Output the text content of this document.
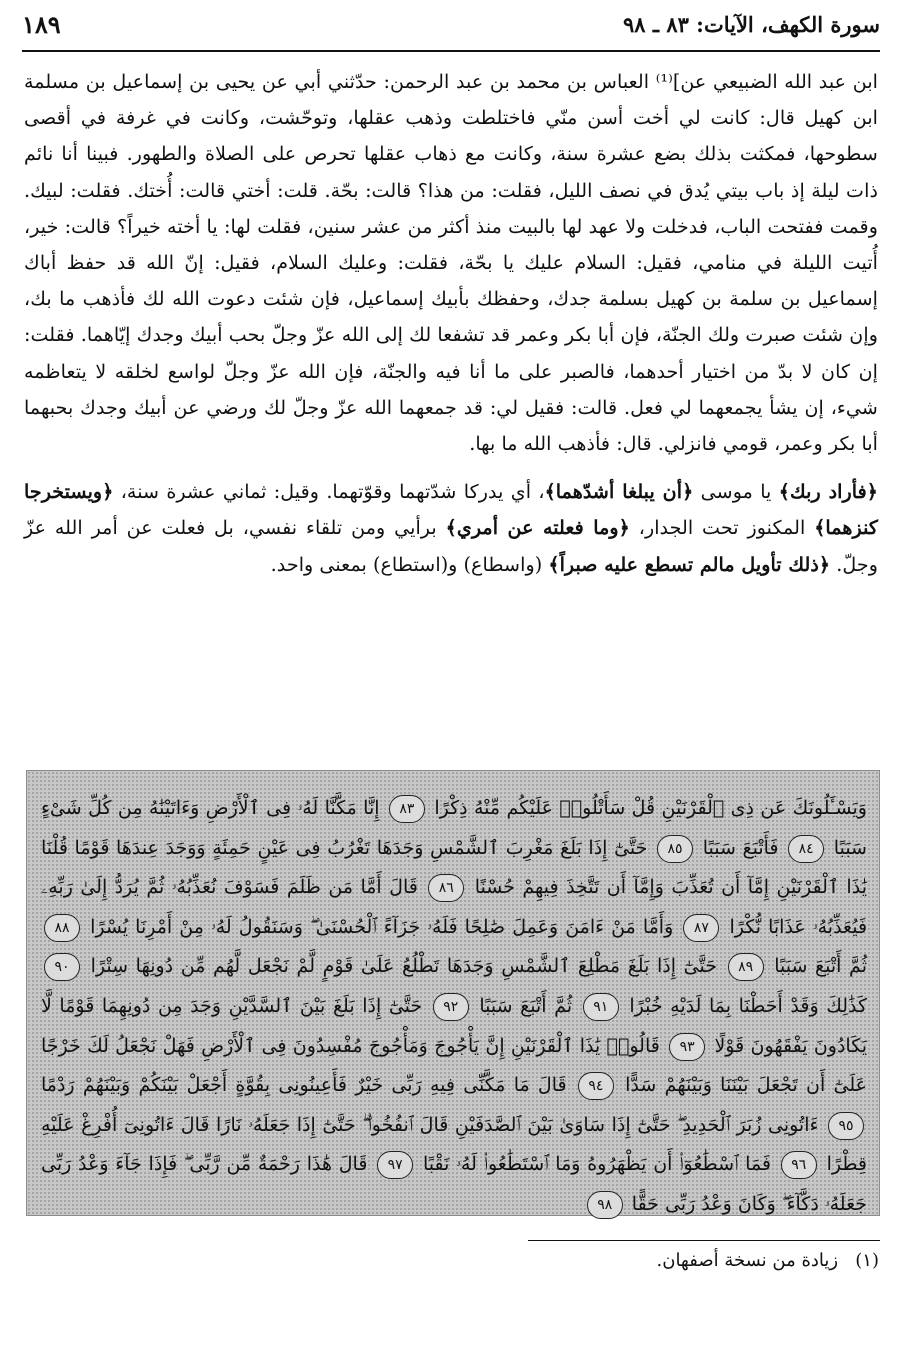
سورة الكهف، الآيات: ٨٣ ـ ٩٨
١٨٩

ابن عبد الله الضبيعي عن]⁽¹⁾ العباس بن محمد بن عبد الرحمن: حدّثني أبي عن يحيى بن إسماعيل بن مسلمة ابن كهيل قال: كانت لي أخت أسن منّي فاختلطت وذهب عقلها، وتوحّشت، وكانت في غرفة في أقصى سطوحها، فمكثت بذلك بضع عشرة سنة، وكانت مع ذهاب عقلها تحرص على الصلاة والطهور. فبينا أنا نائم ذات ليلة إذ باب بيتي يُدق في نصف الليل، فقلت: من هذا؟ قالت: بحّة. قلت: أختي قالت: أُختك. فقلت: لبيك. وقمت ففتحت الباب، فدخلت ولا عهد لها بالبيت منذ أكثر من عشر سنين، فقلت لها: يا أخته خيراً؟ قالت: خير، أُتيت الليلة في منامي، فقيل: السلام عليك يا بحّة، فقلت: وعليك السلام، فقيل: إنّ الله قد حفظ أباك إسماعيل بن سلمة بن كهيل بسلمة جدك، وحفظك بأبيك إسماعيل، فإن شئت دعوت الله لك فأذهب ما بك، وإن شئت صبرت ولك الجنّة، فإن أبا بكر وعمر قد تشفعا لك إلى الله عزّ وجلّ بحب أبيك وجدك إيّاهما. فقلت: إن كان لا بدّ من اختيار أحدهما، فالصبر على ما أنا فيه والجنّة، فإن الله عزّ وجلّ لواسع لخلقه لا يتعاظمه شيء، إن يشأ يجمعهما لي فعل. قالت: فقيل لي: قد جمعهما الله عزّ وجلّ لك ورضي عن أبيك وجدك بحبهما أبا بكر وعمر، قومي فانزلي. قال: فأذهب الله ما بها.

﴿فأراد ربك﴾ يا موسى ﴿أن يبلغا أشدّهما﴾، أي يدركا شدّتهما وقوّتهما. وقيل: ثماني عشرة سنة، ﴿ويستخرجا كنزهما﴾ المكنوز تحت الجدار، ﴿وما فعلته عن أمري﴾ برأيي ومن تلقاء نفسي، بل فعلت عن أمر الله عزّ وجلّ. ﴿ذلك تأويل مالم تسطع عليه صبراً﴾ (واسطاع) و(استطاع) بمعنى واحد.

وَيَسْـَٔلُونَكَ عَن ذِى ٱلْقَرْنَيْنِ قُلْ سَأَتْلُوا۟ عَلَيْكُم مِّنْهُ ذِكْرًا ٨٣ إِنَّا مَكَّنَّا لَهُۥ فِى ٱلْأَرْضِ وَءَاتَيْنَٰهُ مِن كُلِّ شَىْءٍ سَبَبًا ٨٤ فَأَتْبَعَ سَبَبًا ٨٥ حَتَّىٰٓ إِذَا بَلَغَ مَغْرِبَ ٱلشَّمْسِ وَجَدَهَا تَغْرُبُ فِى عَيْنٍ حَمِئَةٍ وَوَجَدَ عِندَهَا قَوْمًا قُلْنَا يَٰذَا ٱلْقَرْنَيْنِ إِمَّآ أَن تُعَذِّبَ وَإِمَّآ أَن تَتَّخِذَ فِيهِمْ حُسْنًا ٨٦ قَالَ أَمَّا مَن ظَلَمَ فَسَوْفَ نُعَذِّبُهُۥ ثُمَّ يُرَدُّ إِلَىٰ رَبِّهِۦ فَيُعَذِّبُهُۥ عَذَابًا نُّكْرًا ٨٧ وَأَمَّا مَنْ ءَامَنَ وَعَمِلَ صَٰلِحًا فَلَهُۥ جَزَآءً ٱلْحُسْنَىٰ ۖ وَسَنَقُولُ لَهُۥ مِنْ أَمْرِنَا يُسْرًا ٨٨ ثُمَّ أَتْبَعَ سَبَبًا ٨٩ حَتَّىٰٓ إِذَا بَلَغَ مَطْلِعَ ٱلشَّمْسِ وَجَدَهَا تَطْلُعُ عَلَىٰ قَوْمٍ لَّمْ نَجْعَل لَّهُم مِّن دُونِهَا سِتْرًا ٩٠ كَذَٰلِكَ وَقَدْ أَحَطْنَا بِمَا لَدَيْهِ خُبْرًا ٩١ ثُمَّ أَتْبَعَ سَبَبًا ٩٢ حَتَّىٰٓ إِذَا بَلَغَ بَيْنَ ٱلسَّدَّيْنِ وَجَدَ مِن دُونِهِمَا قَوْمًا لَّا يَكَادُونَ يَفْقَهُونَ قَوْلًا ٩٣ قَالُوا۟ يَٰذَا ٱلْقَرْنَيْنِ إِنَّ يَأْجُوجَ وَمَأْجُوجَ مُفْسِدُونَ فِى ٱلْأَرْضِ فَهَلْ نَجْعَلُ لَكَ خَرْجًا عَلَىٰٓ أَن تَجْعَلَ بَيْنَنَا وَبَيْنَهُمْ سَدًّا ٩٤ قَالَ مَا مَكَّنِّى فِيهِ رَبِّى خَيْرٌ فَأَعِينُونِى بِقُوَّةٍ أَجْعَلْ بَيْنَكُمْ وَبَيْنَهُمْ رَدْمًا ٩٥ ءَاتُونِى زُبَرَ ٱلْحَدِيدِ ۖ حَتَّىٰٓ إِذَا سَاوَىٰ بَيْنَ ٱلصَّدَفَيْنِ قَالَ ٱنفُخُوا۟ ۖ حَتَّىٰٓ إِذَا جَعَلَهُۥ نَارًا قَالَ ءَاتُونِىٓ أُفْرِغْ عَلَيْهِ قِطْرًا ٩٦ فَمَا ٱسْطَٰعُوٓا۟ أَن يَظْهَرُوهُ وَمَا ٱسْتَطَٰعُوا۟ لَهُۥ نَقْبًا ٩٧ قَالَ هَٰذَا رَحْمَةٌ مِّن رَّبِّى ۖ فَإِذَا جَآءَ وَعْدُ رَبِّى جَعَلَهُۥ دَكَّآءَ ۖ وَكَانَ وَعْدُ رَبِّى حَقًّا ٩٨
(١)   زيادة من نسخة أصفهان.
